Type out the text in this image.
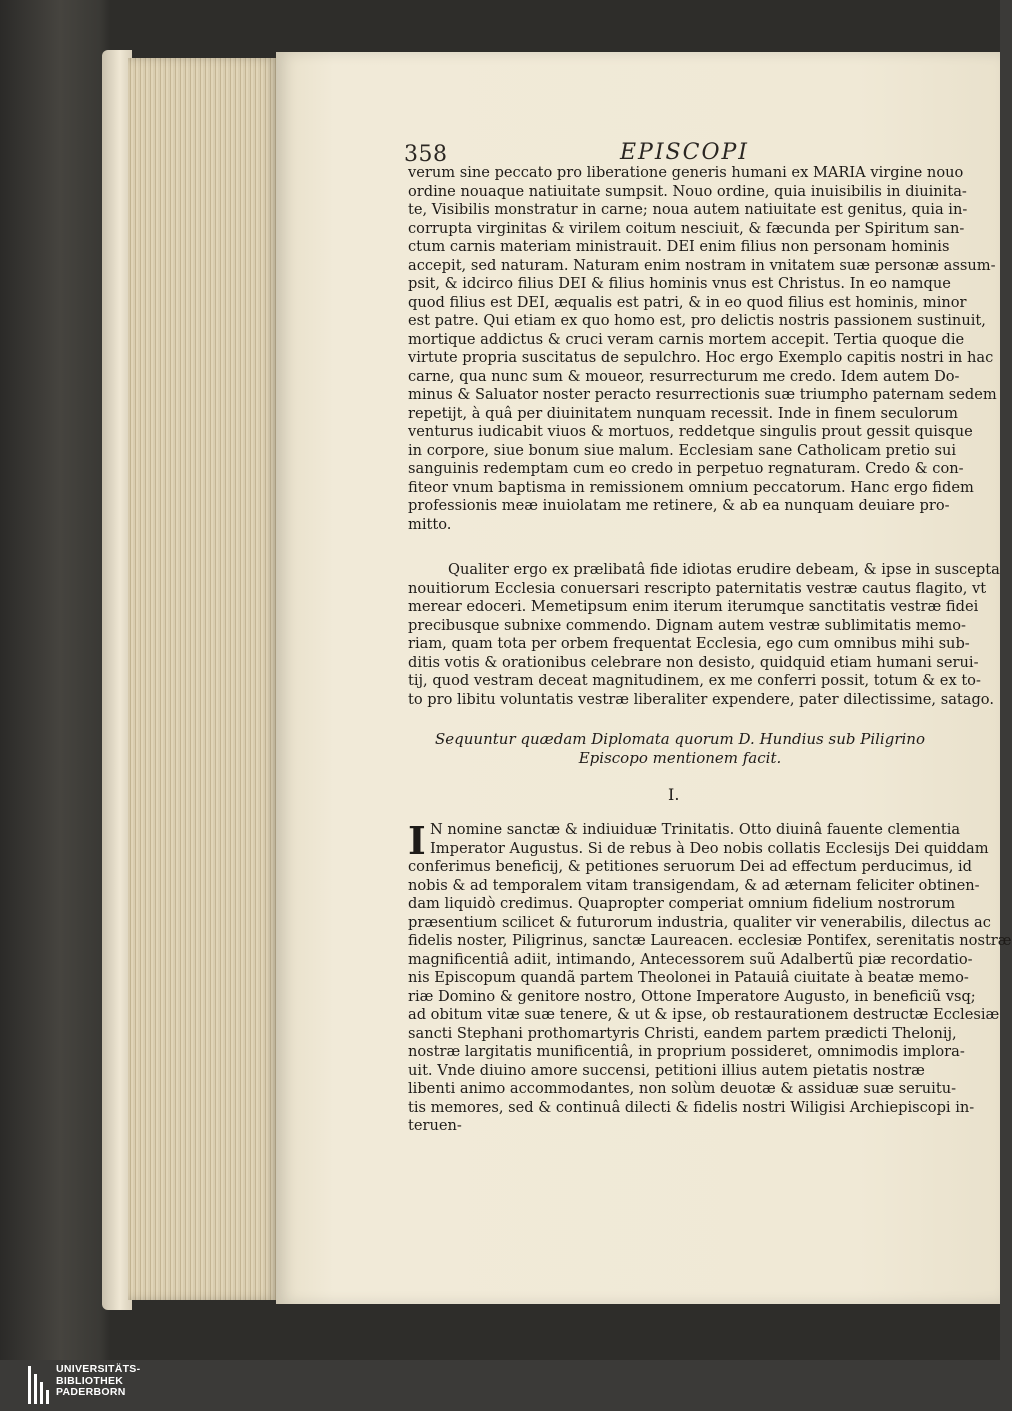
358	EPISCOPI
verum sine peccato pro liberatione generis humani ex MARIA virgine nouo
ordine nouaque natiuitate sumpsit. Nouo ordine, quia inuisibilis in diuinita-
te, Visibilis monstratur in carne; noua autem natiuitate est genitus, quia in-
corrupta virginitas & virilem coitum nesciuit, & fæcunda per Spiritum san-
ctum carnis materiam ministrauit. DEI enim filius non personam hominis
accepit, sed naturam. Naturam enim nostram in vnitatem suæ personæ assum-
psit, & idcirco filius DEI & filius hominis vnus est Christus. In eo namque
quod filius est DEI, æqualis est patri, & in eo quod filius est hominis, minor
est patre. Qui etiam ex quo homo est, pro delictis nostris passionem sustinuit,
mortique addictus & cruci veram carnis mortem accepit. Tertia quoque die
virtute propria suscitatus de sepulchro. Hoc ergo Exemplo capitis nostri in hac
carne, qua nunc sum & moueor, resurrecturum me credo. Idem autem Do-
minus & Saluator noster peracto resurrectionis suæ triumpho paternam sedem
repetijt, à quâ per diuinitatem nunquam recessit. Inde in finem seculorum
venturus iudicabit viuos & mortuos, reddetque singulis prout gessit quisque
in corpore, siue bonum siue malum. Ecclesiam sane Catholicam pretio sui
sanguinis redemptam cum eo credo in perpetuo regnaturam. Credo & con-
fiteor vnum baptisma in remissionem omnium peccatorum. Hanc ergo fidem
professionis meæ inuiolatam me retinere, & ab ea nunquam deuiare pro-
mitto.
Qualiter ergo ex prælibatâ fide idiotas erudire debeam, & ipse in suscepta
nouitiorum Ecclesia conuersari rescripto paternitatis vestræ cautus flagito, vt
merear edoceri. Memetipsum enim iterum iterumque sanctitatis vestræ fidei
precibusque subnixe commendo. Dignam autem vestræ sublimitatis memo-
riam, quam tota per orbem frequentat Ecclesia, ego cum omnibus mihi sub-
ditis votis & orationibus celebrare non desisto, quidquid etiam humani serui-
tij, quod vestram deceat magnitudinem, ex me conferri possit, totum & ex to-
to pro libitu voluntatis vestræ liberaliter expendere, pater dilectissime, satago.
Sequuntur quædam Diplomata quorum D. Hundius sub Piligrino
Episcopo mentionem facit.
I.
I N nomine sanctæ & indiuiduæ Trinitatis. Otto diuinâ fauente clementia
Imperator Augustus. Si de rebus à Deo nobis collatis Ecclesijs Dei quiddam
conferimus beneficij, & petitiones seruorum Dei ad effectum perducimus, id
nobis & ad temporalem vitam transigendam, & ad æternam feliciter obtinen-
dam liquidò credimus. Quapropter comperiat omnium fidelium nostrorum
præsentium scilicet & futurorum industria, qualiter vir venerabilis, dilectus ac
fidelis noster, Piligrinus, sanctæ Laureacen. ecclesiæ Pontifex, serenitatis nostræ
magnificentiâ adiit, intimando, Antecessorem suũ Adalbertũ piæ recordatio-
nis Episcopum quandã partem Theolonei in Patauiâ ciuitate à beatæ memo-
riæ Domino & genitore nostro, Ottone Imperatore Augusto, in beneficiũ vsq;
ad obitum vitæ suæ tenere, & ut & ipse, ob restaurationem destructæ Ecclesiæ
sancti Stephani prothomartyris Christi, eandem partem prædicti Thelonij,
nostræ largitatis munificentiâ, in proprium possideret, omnimodis implora-
uit. Vnde diuino amore succensi, petitioni illius autem pietatis nostræ
libenti animo accommodantes, non solùm deuotæ & assiduæ suæ seruitu-
tis memores, sed & continuâ dilecti & fidelis nostri Wiligisi Archiepiscopi in-
teruen-
UNIVERSITÄTS-
BIBLIOTHEK
PADERBORN
